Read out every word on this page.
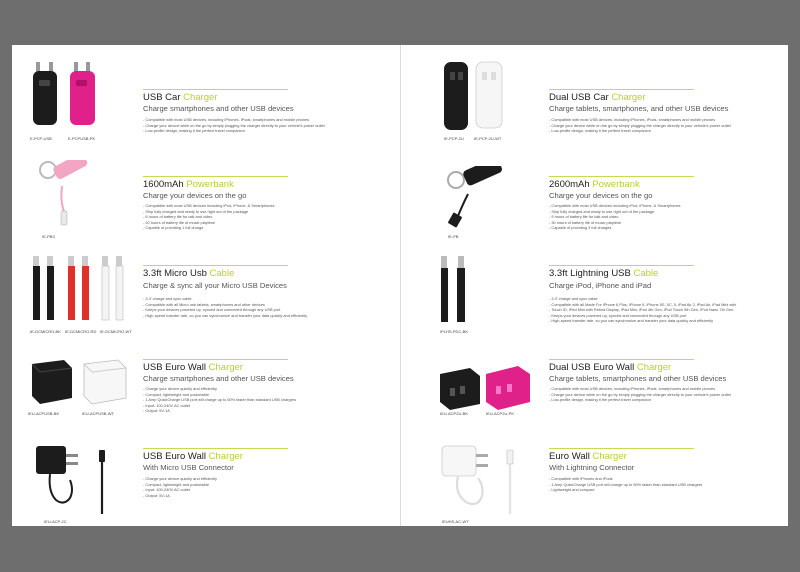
E-PCP-USB	E-PCPUSB-PK
USB Car Charger
Charge smartphones and other USB devices
- Compatible with most USB devices, including iPhones, iPods, smartphones and mobile phones
- Charge your device while on the go by simply plugging the charger directly to your vehicle's power outlet
- Low-profile design, making it the perfect travel companion
IE-PB3
1600mAh Powerbank
Charge your devices on the go
- Compatible with most USB devices including iPod, iPhone, & Smartphones
- Ship fully charged and ready to use right out of the package
- 6 hours of battery life for talk and video
- 20 hours of battery life of music playtime
- Capable of providing 1 full charge
IE-DCMICRO-BK IE-DCMICRO-RD IE-DCMICRO-WT
3.3ft Micro Usb Cable
Charge & sync all your Micro USB Devices
- 3.3' charge and sync cable
- Compatible with all Micro usb tablets, smartphones and other devices
- Keeps your devices powered up, synced and connected through any USB port
- High-speed transfer rate, so you can synchronize and transfer your data quickly and efficiently
IEU-ACPUSB-BK	IEU-ACPUSB-WT
USB Euro Wall Charger
Charge smartphones and other USB devices
- Charge your device quickly and efficiently
- Compact, lightweight and pocketable
- 1 Amp QuickCharge USB port will charge up to 50% faster than standard USB chargers
- Input: 100-240V AC outlet
- Output: 5V-1A
IEU-ACP-2C
USB Euro Wall Charger
With Micro USB Connector
- Charge your device quickly and efficiently
- Compact, lightweight and pocketable
- Input: 100-240V AC outlet
- Output: 5V-1A
IE-PCP-2U	IE-PCP-2U-WT
Dual USB Car Charger
Charge tablets, smartphones, and other USB devices
- Compatible with most USB devices, including iPhones, iPods, smartphones and mobile phones
- Charge your device while on the go by simply plugging the charger directly to your vehicle's power outlet
- Low-profile design, making it the perfect travel companion
IE-PB
2600mAh Powerbank
Charge your devices on the go
- Compatible with most USB devices including iPod, iPhone, & Smartphones
- Ship fully charged and ready to use right out of the package
- 9 hours of battery life for talk and video
- 30 hours of battery life of music playtime
- Capable of providing 3 full charges
IPLHS-PDC-BK
3.3ft Lightning USB Cable
Charge iPod, iPhone and iPad
- 3.3' charge and sync cable
- Compatible with all Made For iPhone 6 Plus, iPhone 6, iPhone 5S, 5C, 5, iPad Air 2, iPad Air, iPad Mini with
- Touch ID, iPad Mini with Retina Display, iPad Mini, iPad 4th Gen, iPod Touch 5th Gen, iPod Nano 7th Gen.
- Keeps your devices powered up, synced and connected through any USB port
- High-speed transfer rate, so you can synchronize and transfer your data quickly and efficiently
IEU-ACP2U-BK	IEU-ACP2U-PK
Dual USB Euro Wall Charger
Charge tablets, smartphones and other USB devices
- Compatible with most USB devices, including iPhones, iPods, smartphones and mobile phones
- Charge your device while on the go by simply plugging the charger directly to your vehicle's power outlet
- Low-profile design, making it the perfect travel companion
IEUHS-AC-WT
Euro Wall Charger
With Lightning Connector
- Compatible with iPhones and iPods
- 1 Amp QuickCharge USB port will charge up to 50% faster than standard USB chargers
- Lightweight and compact
